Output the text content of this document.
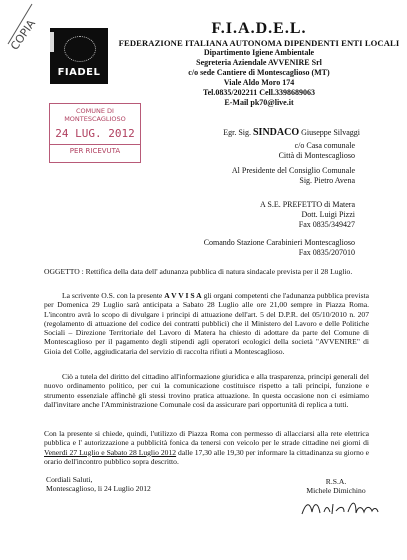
COPIA
FIADEL
F.I.A.D.E.L.
FEDERAZIONE ITALIANA AUTONOMA DIPENDENTI ENTI LOCALI
Dipartimento Igiene Ambientale
Segreteria Aziendale AVVENIRE Srl
c/o sede Cantiere di Montescaglioso (MT)
Viale Aldo Moro 174
Tel.0835/202211 Cell.3398689063
E-Mail pk70@live.it
COMUNE DI
MONTESCAGLIOSO
24 LUG. 2012
PER RICEVUTA
Egr. Sig. SINDACO Giuseppe Silvaggi
c/o Casa comunale
Città di Montescaglioso
Al Presidente del Consiglio Comunale
Sig. Pietro Avena
A S.E. PREFETTO di Matera
Dott. Luigi Pizzi
Fax 0835/349427
Comando Stazione Carabinieri Montescaglioso
Fax 0835/207010
OGGETTO : Rettifica della data dell' adunanza pubblica di natura sindacale prevista per il 28 Luglio.
La scrivente O.S. con la presente A V V I S A gli organi competenti che l'adunanza pubblica prevista per Domenica 29 Luglio sarà anticipata a Sabato 28 Luglio alle ore 21,00 sempre in Piazza Roma. L'incontro avrà lo scopo di divulgare i principi di attuazione dell'art. 5 del D.P.R. del 05/10/2010 n. 207 (regolamento di attuazione del codice dei contratti pubblici) che il Ministero del Lavoro e delle Politiche Sociali – Direzione Territoriale del Lavoro di Matera ha chiesto di adottare da parte del Comune di Montescaglioso per il pagamento degli stipendi agli operatori ecologici della società "AVVENIRE" di Gioia del Colle, aggiudicataria del servizio di raccolta rifiuti a Montescaglioso.
Ciò a tutela del diritto del cittadino all'informazione giuridica e alla trasparenza, principi generali del nuovo ordinamento politico, per cui la comunicazione costituisce rispetto a tali principi, funzione e strumento essenziale affinchè gli stessi trovino pratica attuazione. In questa occasione non ci esimiamo dall'invitare anche l'Amministrazione Comunale così da assicurare pari opportunità di replica a tutti.
Con la presente si chiede, quindi, l'utilizzo di Piazza Roma con permesso di allacciarsi alla rete elettrica pubblica e l' autorizzazione a pubblicità fonica da tenersi con veicolo per le strade cittadine nei giorni di Venerdì 27 Luglio e Sabato 28 Luglio 2012 dalle 17,30 alle 19,30 per informare la cittadinanza su giorno e orario dell'incontro pubblico sopra descritto.
Cordiali Saluti,
Montescaglioso, li 24 Luglio 2012
R.S.A.
Michele Dimichino
